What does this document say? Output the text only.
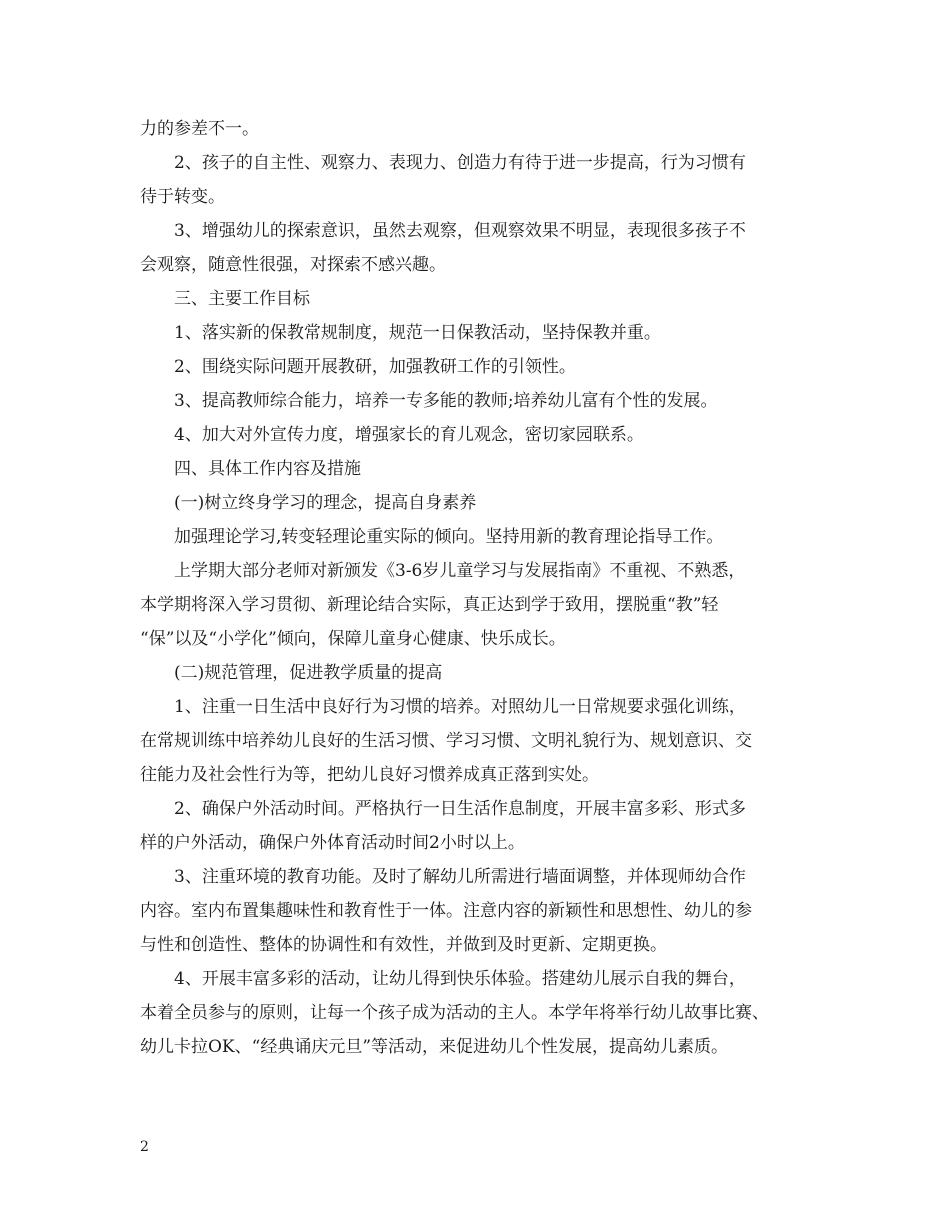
力的参差不一。
2、孩子的自主性、观察力、表现力、创造力有待于进一步提高，行为习惯有
待于转变。
3、增强幼儿的探索意识，虽然去观察，但观察效果不明显，表现很多孩子不
会观察，随意性很强，对探索不感兴趣。
三、主要工作目标
1、落实新的保教常规制度，规范一日保教活动，坚持保教并重。
2、围绕实际问题开展教研，加强教研工作的引领性。
3、提高教师综合能力，培养一专多能的教师;培养幼儿富有个性的发展。
4、加大对外宣传力度，增强家长的育儿观念，密切家园联系。
四、具体工作内容及措施
(一)树立终身学习的理念，提高自身素养
加强理论学习,转变轻理论重实际的倾向。坚持用新的教育理论指导工作。
上学期大部分老师对新颁发《3-6岁儿童学习与发展指南》不重视、不熟悉，
本学期将深入学习贯彻、新理论结合实际，真正达到学于致用，摆脱重“教”轻
“保”以及“小学化”倾向，保障儿童身心健康、快乐成长。
(二)规范管理，促进教学质量的提高
1、注重一日生活中良好行为习惯的培养。对照幼儿一日常规要求强化训练，
在常规训练中培养幼儿良好的生活习惯、学习习惯、文明礼貌行为、规划意识、交
往能力及社会性行为等，把幼儿良好习惯养成真正落到实处。
2、确保户外活动时间。严格执行一日生活作息制度，开展丰富多彩、形式多
样的户外活动，确保户外体育活动时间2小时以上。
3、注重环境的教育功能。及时了解幼儿所需进行墙面调整，并体现师幼合作
内容。室内布置集趣味性和教育性于一体。注意内容的新颖性和思想性、幼儿的参
与性和创造性、整体的协调性和有效性，并做到及时更新、定期更换。
4、开展丰富多彩的活动，让幼儿得到快乐体验。搭建幼儿展示自我的舞台，
本着全员参与的原则，让每一个孩子成为活动的主人。本学年将举行幼儿故事比赛、
幼儿卡拉OK、“经典诵庆元旦”等活动，来促进幼儿个性发展，提高幼儿素质。
2
